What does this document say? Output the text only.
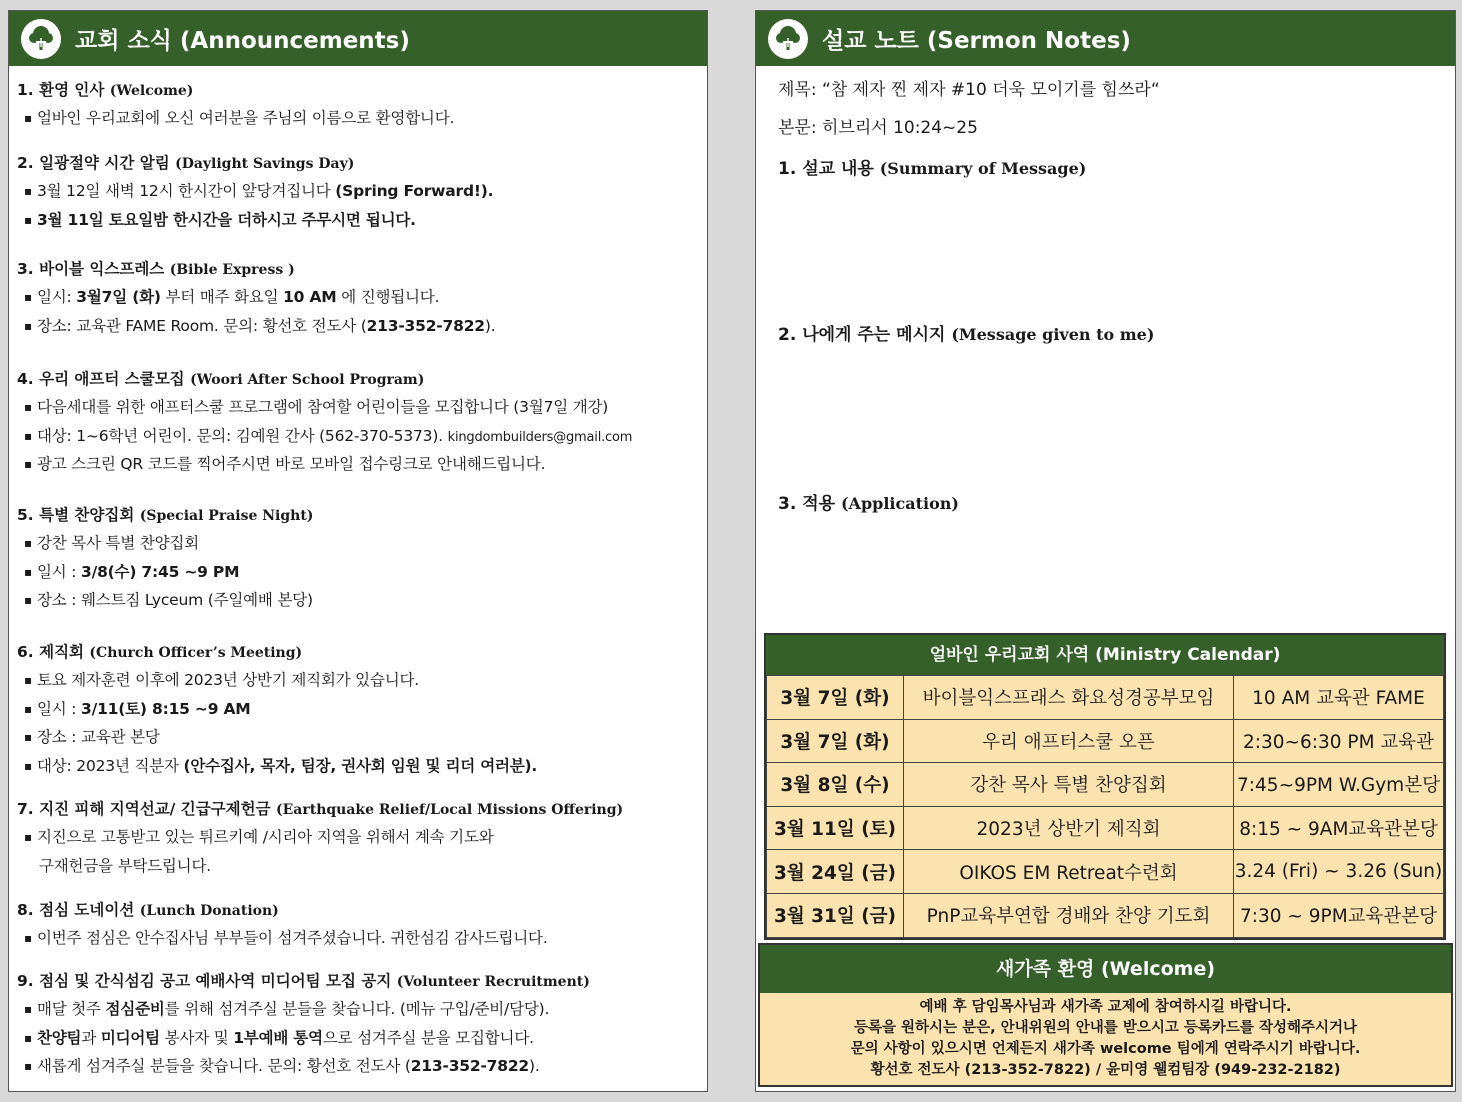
교회 소식 (Announcements)
1. 환영 인사 (Welcome)
▪ 얼바인 우리교회에 오신 여러분을 주님의 이름으로 환영합니다.
2. 일광절약 시간 알림 (Daylight Savings Day)
▪ 3월 12일 새벽 12시 한시간이 앞당겨집니다 (Spring Forward!).
▪ 3월 11일 토요일밤 한시간을 더하시고 주무시면 됩니다.
3. 바이블 익스프레스 (Bible Express )
▪ 일시: 3월7일 (화) 부터 매주 화요일 10 AM 에 진행됩니다.
▪ 장소: 교육관 FAME Room. 문의: 황선호 전도사 (213-352-7822).
4. 우리 애프터 스쿨모집 (Woori After School Program)
▪ 다음세대를 위한 애프터스쿨 프로그램에 참여할 어린이들을 모집합니다 (3월7일 개강)
▪ 대상: 1~6학년 어린이. 문의: 김예원 간사 (562-370-5373). kingdombuilders@gmail.com
▪ 광고 스크린 QR 코드를 찍어주시면 바로 모바일 접수링크로 안내해드립니다.
5. 특별 찬양집회 (Special Praise Night)
▪ 강찬 목사 특별 찬양집회
▪ 일시 : 3/8(수) 7:45 ~9 PM
▪ 장소 : 웨스트짐 Lyceum (주일예배 본당)
6. 제직회 (Church Officer’s Meeting)
▪ 토요 제자훈련 이후에 2023년 상반기 제직회가 있습니다.
▪ 일시 : 3/11(토) 8:15 ~9 AM
▪ 장소 : 교육관 본당
▪ 대상: 2023년 직분자 (안수집사, 목자, 팀장, 권사회 임원 및 리더 여러분).
7. 지진 피해 지역선교/ 긴급구제헌금 (Earthquake Relief/Local Missions Offering)
▪ 지진으로 고통받고 있는 튀르키예 /시리아 지역을 위해서 계속 기도와
구재헌금을 부탁드립니다.
8. 점심 도네이션 (Lunch Donation)
▪ 이번주 점심은 안수집사님 부부들이 섬겨주셨습니다. 귀한섬김 감사드립니다.
9. 점심 및 간식섬김 공고 예배사역 미디어팀 모집 공지 (Volunteer Recruitment)
▪ 매달 첫주 점심준비를 위해 섬겨주실 분들을 찾습니다. (메뉴 구입/준비/담당).
▪ 찬양팀과 미디어팀 봉사자 및 1부예배 통역으로 섬겨주실 분을 모집합니다.
▪ 새롭게 섬겨주실 분들을 찾습니다. 문의: 황선호 전도사 (213-352-7822).
설교 노트 (Sermon Notes)
제목: “참 제자 찐 제자 #10 더욱 모이기를 힘쓰라“
본문: 히브리서 10:24~25
1. 설교 내용 (Summary of Message)
2. 나에게 주는 메시지 (Message given to me)
3. 적용 (Application)
얼바인 우리교회 사역 (Ministry Calendar)
3월 7일 (화)	바이블익스프래스 화요성경공부모임	10 AM 교육관 FAME
3월 7일 (화)	우리 애프터스쿨 오픈	2:30~6:30 PM 교육관
3월 8일 (수)	강찬 목사 특별 찬양집회	7:45~9PM W.Gym본당
3월 11일 (토)	2023년 상반기 제직회	8:15 ~ 9AM교육관본당
3월 24일 (금)	OIKOS EM Retreat수련회	3.24 (Fri) ~ 3.26 (Sun)
3월 31일 (금)	PnP교육부연합 경배와 찬양 기도회	7:30 ~ 9PM교육관본당
새가족 환영 (Welcome)
예배 후 담임목사님과 새가족 교제에 참여하시길 바랍니다.
등록을 원하시는 분은, 안내위원의 안내를 받으시고 등록카드를 작성해주시거나
문의 사항이 있으시면 언제든지 새가족 welcome 팀에게 연락주시기 바랍니다.
황선호 전도사 (213-352-7822) / 윤미영 웰컴팀장 (949-232-2182)
